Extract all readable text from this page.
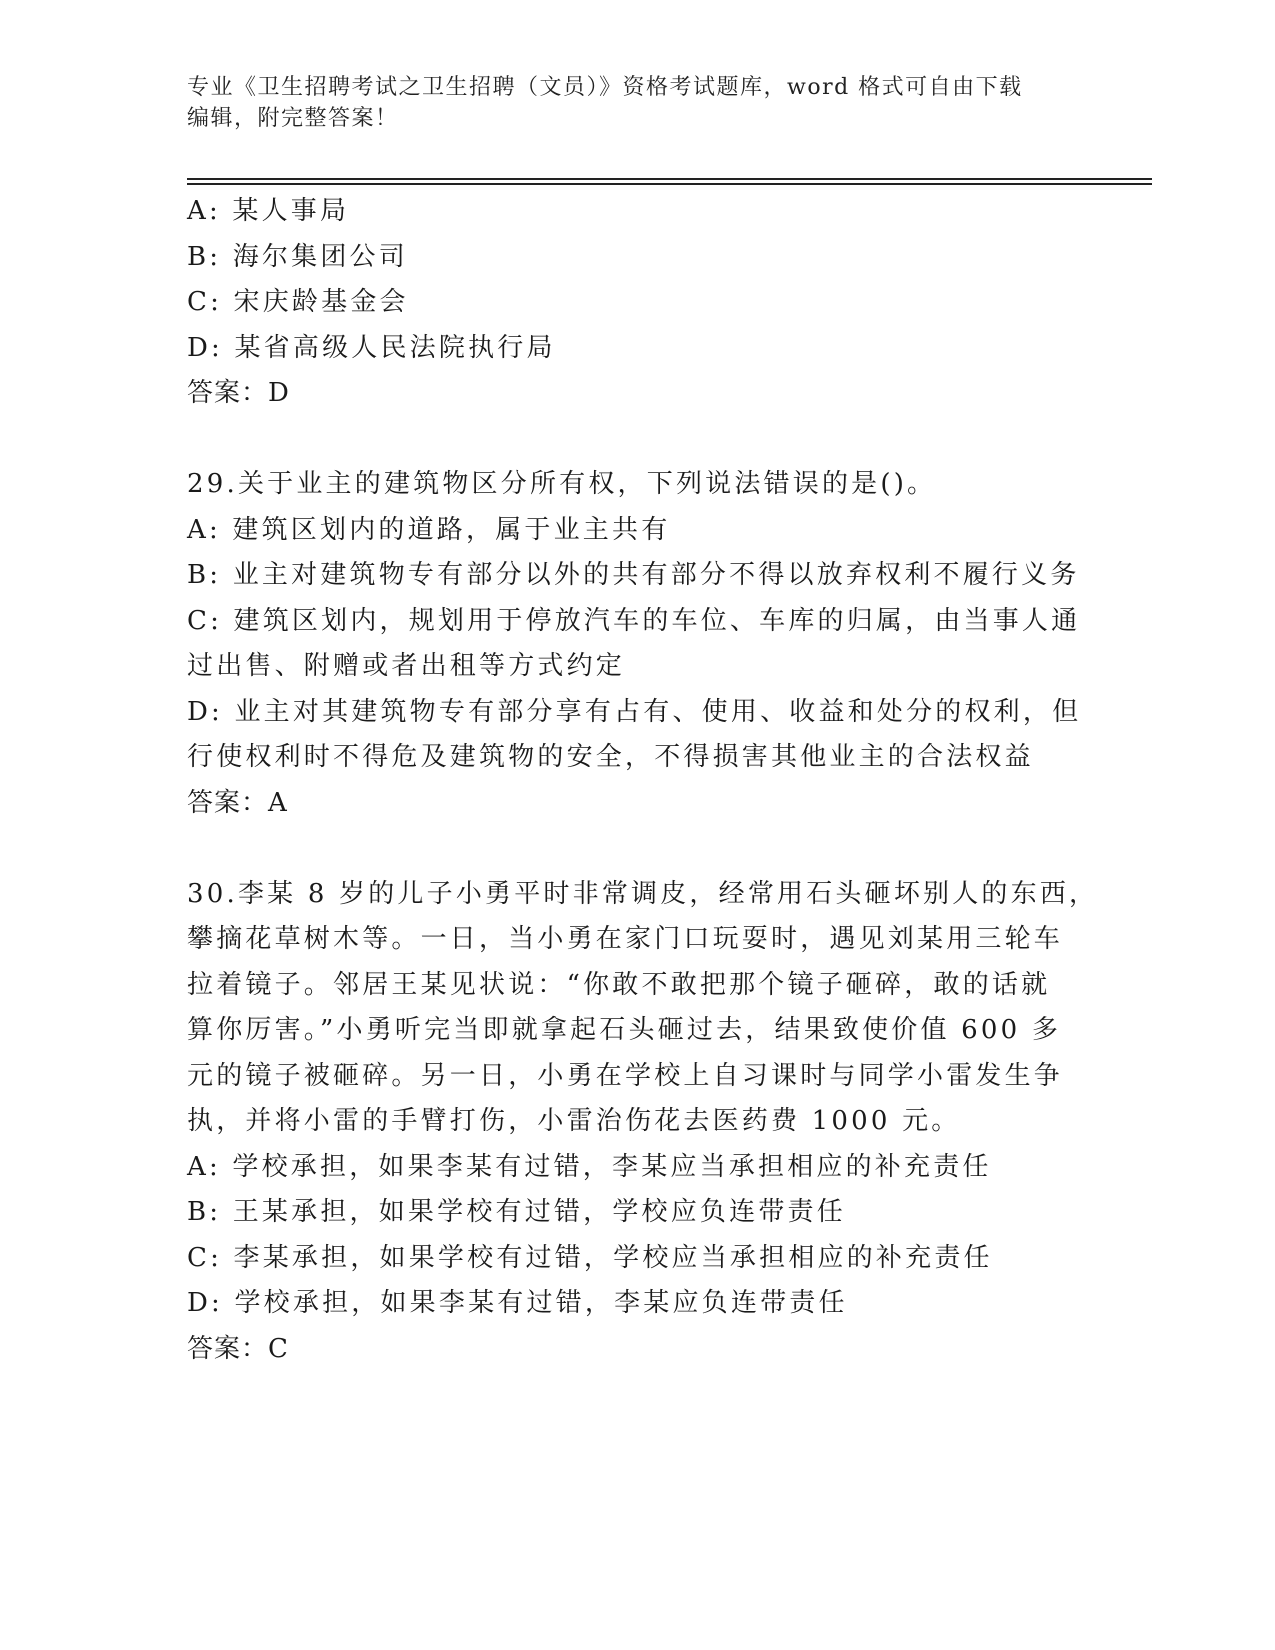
专业《卫生招聘考试之卫生招聘（文员）》资格考试题库，word 格式可自由下载
编辑，附完整答案！
A: 某人事局
B: 海尔集团公司
C: 宋庆龄基金会
D: 某省高级人民法院执行局
答案：D
29.关于业主的建筑物区分所有权，下列说法错误的是()。
A: 建筑区划内的道路，属于业主共有
B: 业主对建筑物专有部分以外的共有部分不得以放弃权利不履行义务
C: 建筑区划内，规划用于停放汽车的车位、车库的归属，由当事人通
过出售、附赠或者出租等方式约定
D: 业主对其建筑物专有部分享有占有、使用、收益和处分的权利，但
行使权利时不得危及建筑物的安全，不得损害其他业主的合法权益
答案：A
30.李某 8 岁的儿子小勇平时非常调皮，经常用石头砸坏别人的东西，
攀摘花草树木等。一日，当小勇在家门口玩耍时，遇见刘某用三轮车
拉着镜子。邻居王某见状说：“你敢不敢把那个镜子砸碎，敢的话就
算你厉害。”小勇听完当即就拿起石头砸过去，结果致使价值 600 多
元的镜子被砸碎。另一日，小勇在学校上自习课时与同学小雷发生争
执，并将小雷的手臂打伤，小雷治伤花去医药费 1000 元。
A: 学校承担，如果李某有过错，李某应当承担相应的补充责任
B: 王某承担，如果学校有过错，学校应负连带责任
C: 李某承担，如果学校有过错，学校应当承担相应的补充责任
D: 学校承担，如果李某有过错，李某应负连带责任
答案：C
